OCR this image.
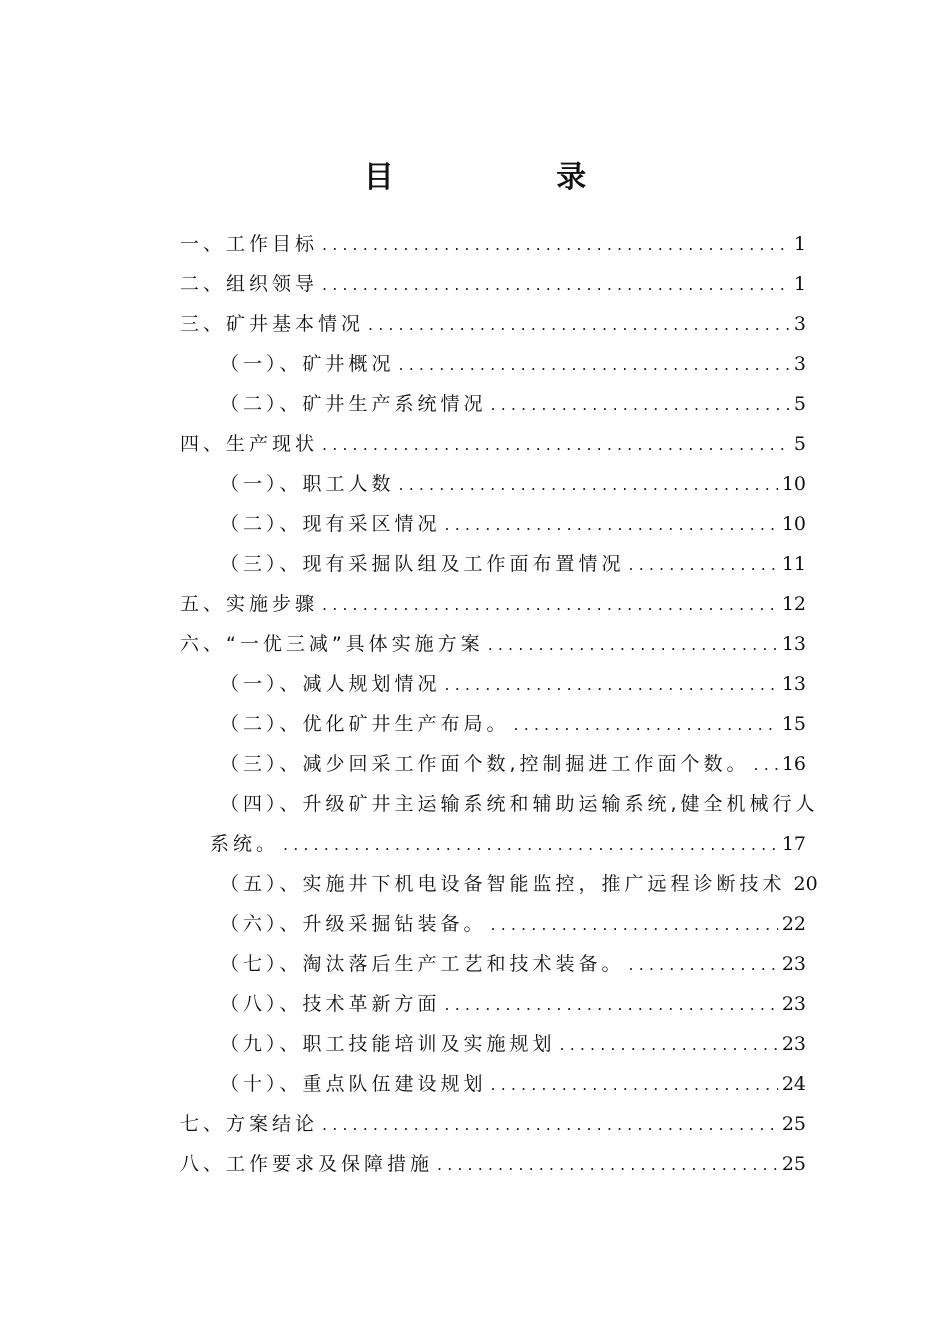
目 录
一、工作目标 . . .	1
二、组织领导 . . .	1
三、矿井基本情况 . . .	3
（一）、矿井概况 . . .	3
（二）、矿井生产系统情况 . . .	5
四、生产现状 . . .	5
（一）、职工人数 . . .	10
（二）、现有采区情况 . . .	10
（三）、现有采掘队组及工作面布置情况 . . .	11
五、实施步骤 . . .	12
六、“一优三减”具体实施方案 . . .	13
（一）、减人规划情况 . . .	13
（二）、优化矿井生产布局。 . . .	15
（三）、减少回采工作面个数,控制掘进工作面个数。 . . . 16
（四）、升级矿井主运输系统和辅助运输系统,健全机械行人
系统。 . . .	17
（五）、实施井下机电设备智能监控，推广远程诊断技术 20
（六）、升级采掘钻装备。 . . .	22
（七）、淘汰落后生产工艺和技术装备。 . . .	23
（八）、技术革新方面 . . .	23
（九）、职工技能培训及实施规划 . . .	23
（十）、重点队伍建设规划 . . .	24
七、方案结论 . . .	25
八、工作要求及保障措施 . . .	25
